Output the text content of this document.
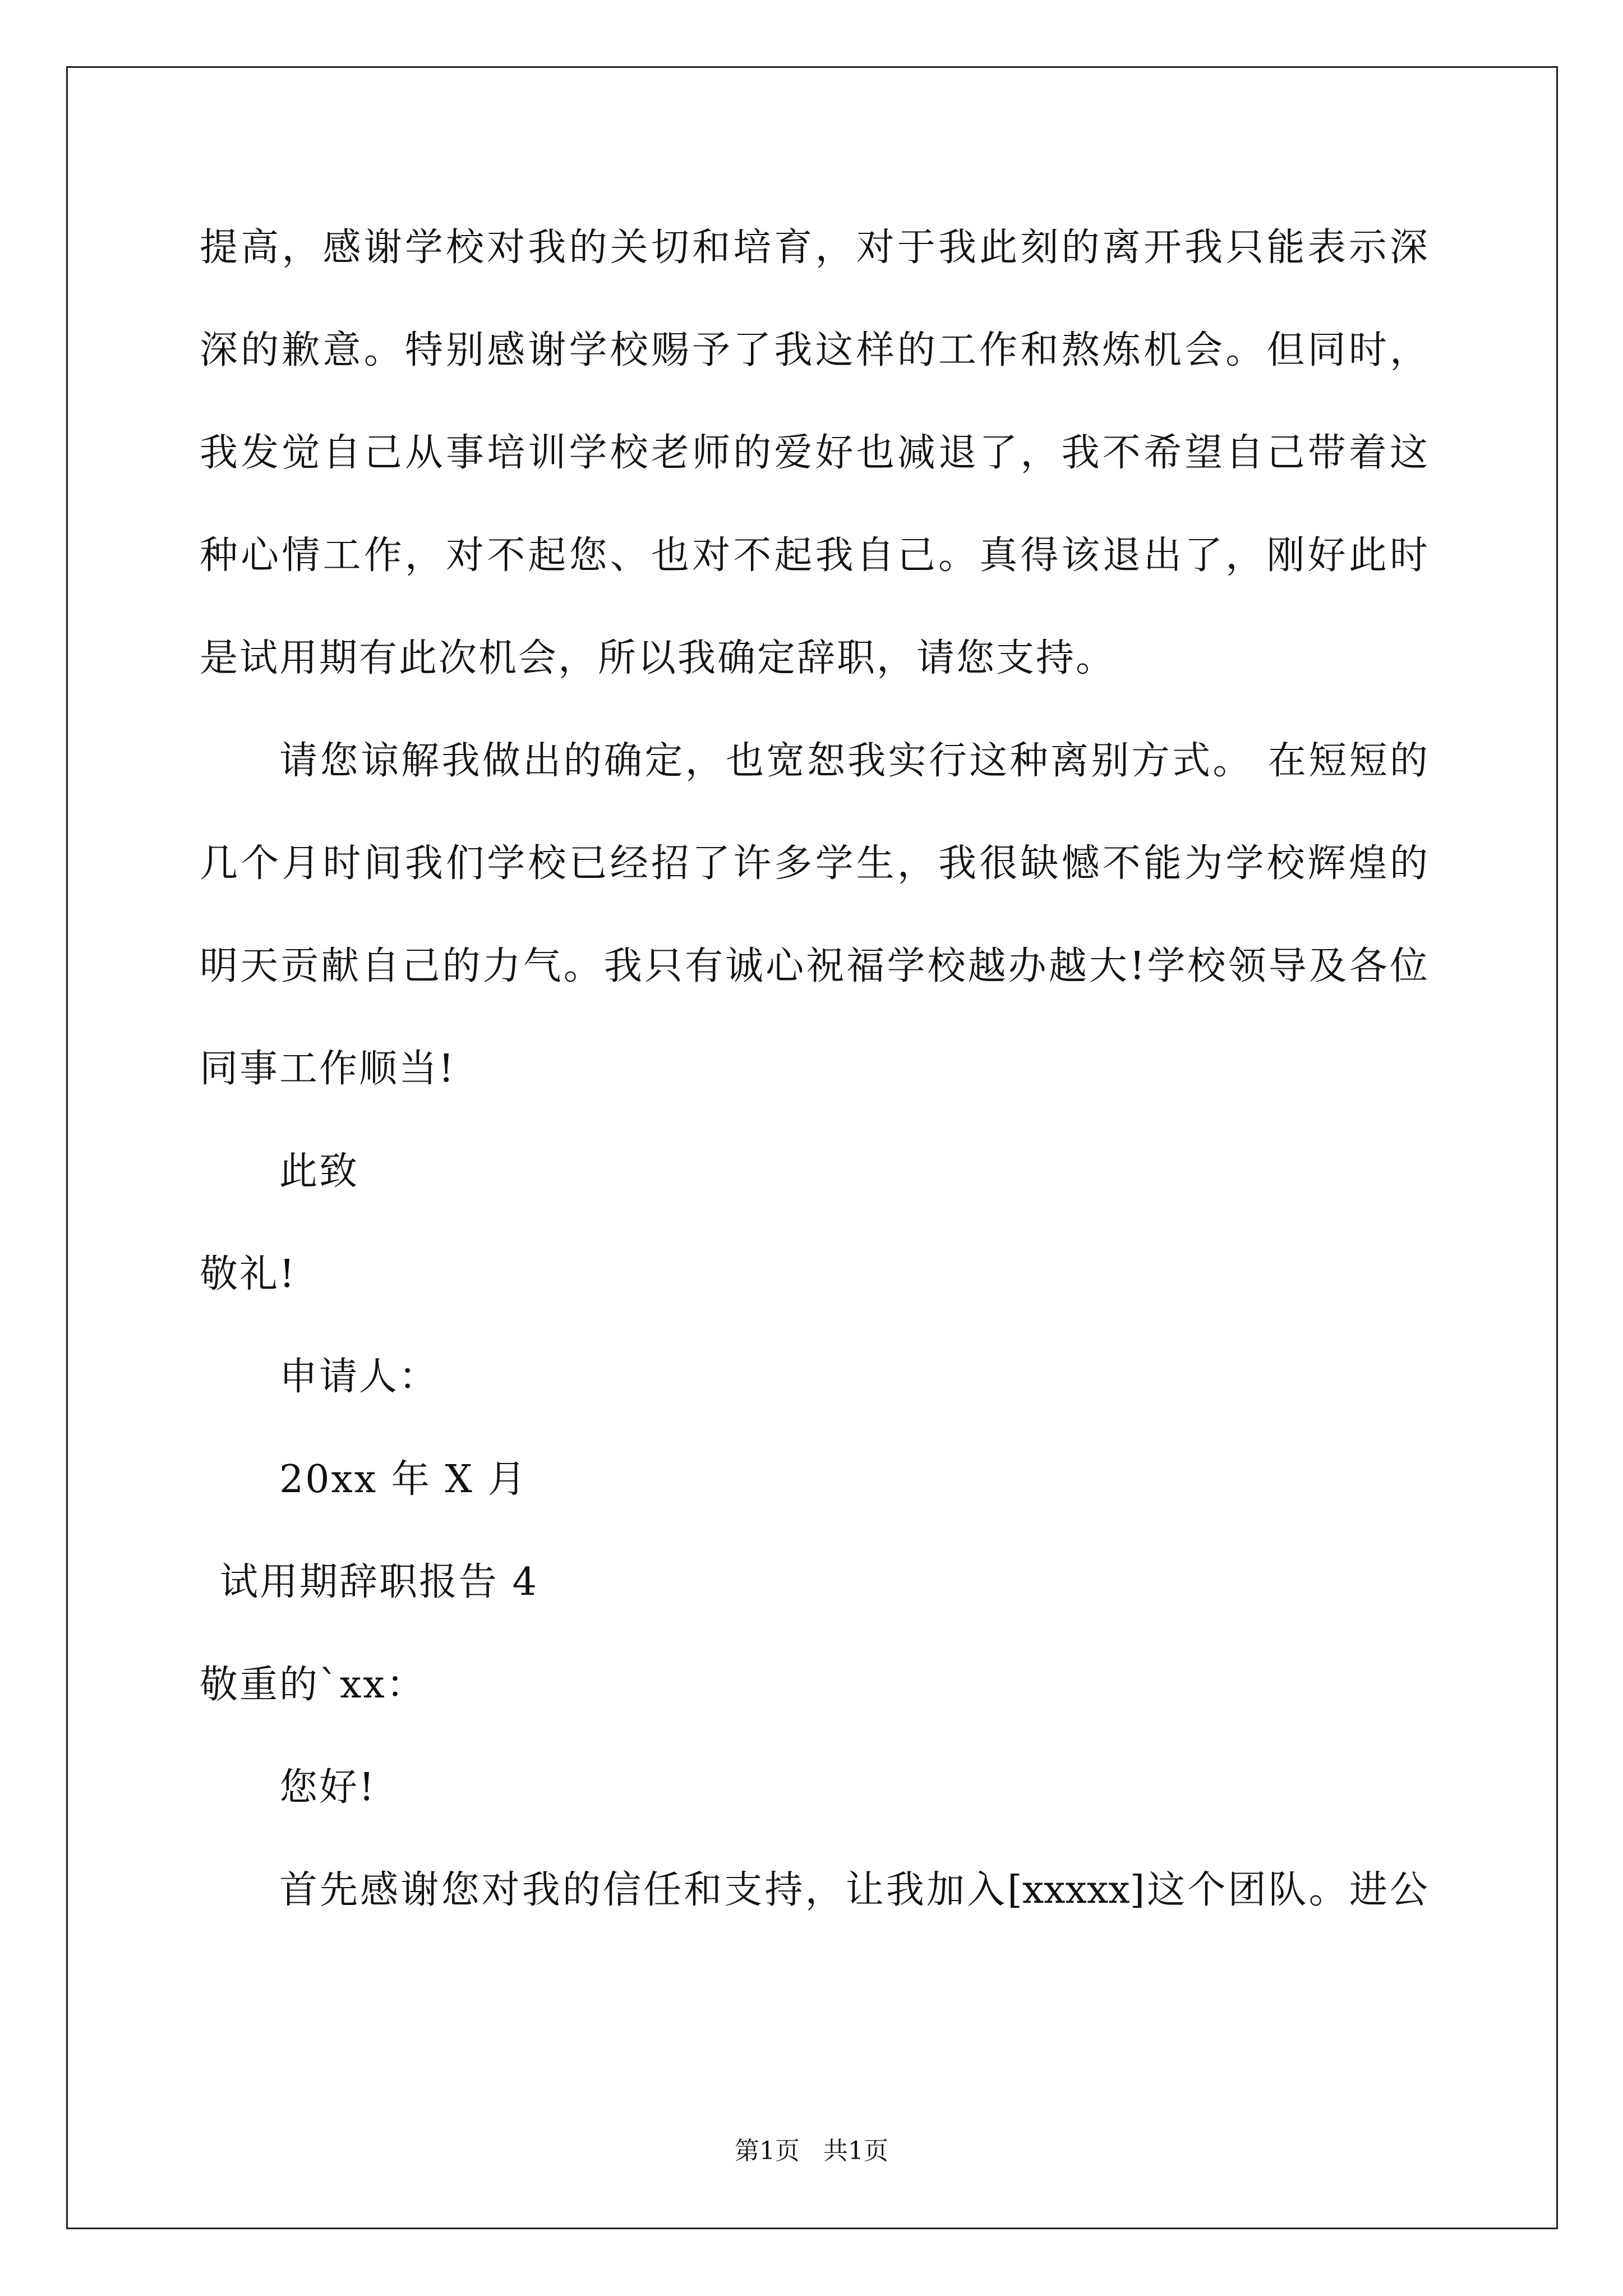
提高，感谢学校对我的关切和培育，对于我此刻的离开我只能表示深
深的歉意。特别感谢学校赐予了我这样的工作和熬炼机会。但同时，
我发觉自己从事培训学校老师的爱好也减退了，我不希望自己带着这
种心情工作，对不起您、也对不起我自己。真得该退出了，刚好此时
是试用期有此次机会，所以我确定辞职，请您支持。
请您谅解我做出的确定，也宽恕我实行这种离别方式。 在短短的
几个月时间我们学校已经招了许多学生，我很缺憾不能为学校辉煌的
明天贡献自己的力气。我只有诚心祝福学校越办越大!学校领导及各位
同事工作顺当!
此致
敬礼!
申请人：
20xx 年 X 月
试用期辞职报告 4
敬重的`xx：
您好!
首先感谢您对我的信任和支持，让我加入[xxxxx]这个团队。进公
第1页 共1页
